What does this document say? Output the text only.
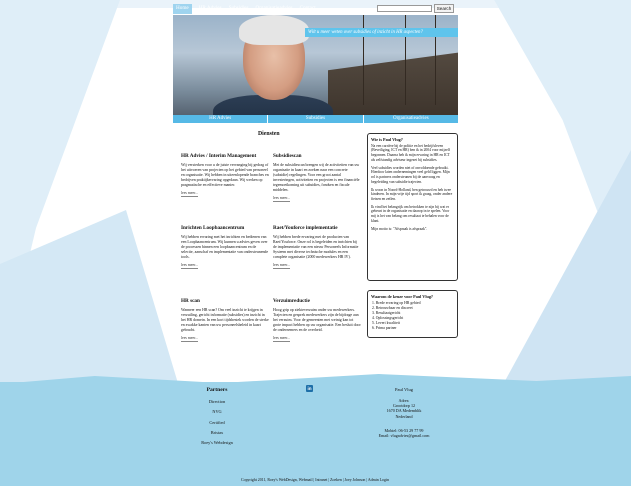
Home	HR Advies Subsidies Organisatieadvies Contact	Search
Wilt u meer weten over subsidies of inzicht in HR aspecten?
HR Advies	Subsidies	Organisatieadvies
Diensten
HR Advies / Interim Management

Wij versterken voor u de juiste vervanging bij gedrag of het uitvoeren van projecten op het gebied van personeel en organisatie. Wij hebben in uiteenlopende branches en bedrijven praktijkervaring opgedaan. Wij werken op pragmatische en effectieve manier.

lees meer...
Subsidiescan

Met de subsidiescan brengen wij de activiteiten van uw organisatie in kaart en zoeken naar een concrete (subsidie) regelingen. Voor een groot aantal investeringen, activiteiten en projecten is een financiële tegemoetkoming uit subsidies, fondsen en fiscale middelen.

lees meer...
Inrichten Loopbaancentrum

Wij hebben ervaring met het inrichten en bedienen van een Loopbaancentrum. Wij kunnen u advies geven over de processen binnen een loopbaancentrum en de selectie, aanschaf en implementatie van ondersteunende tools.

lees meer...
Raet/Youforce implementatie

Wij hebben brede ervaring met de producten van Raet/Youforce. Onze rol is begeleiden en inrichten bij de implementatie van een nieuw Personeels Informatie Systeem met diverse technische modules en een complete organisatie (2000 medewerkers HR IV).

lees meer...
HR scan

Wanneer een HR scan? Om veel inzicht te krijgen in verzuiling, gericht informatie (subsidies) en inzicht in het HR domein. In een kort tijdsbestek worden de sterke en zwakke kanten van uw personeelsbeleid in kaart gebracht.

lees meer...
Verzuimreductie

Hoog grip op ziekteverzuim onder uw medewerkers. Trajecten en gesprek medewerkers zijn de bijdrage aan het verzuim. Voor de gemeenten met weinig kan tot grote impact hebben op uw organisatie. Een besluit door de ondernemers en de overheid.

lees meer...
Wie is Paul Vlug?

Na een carrière bij de politie en het bedrijfsleven (Beveiliging, ICT en HR) ben ik in 2004 voor mijzelf begonnen. Daarna heb ik mijn ervaring in HR en ICT als zelfstandig adviseur ingezet bij subsidies.

Veel subsidies worden niet of onvoldoende gebruikt. Hierdoor laten ondernemingen veel geld liggen. Mijn rol is partners ondersteunen bij de aanvraag en begeleiding van subsidie trajecten.

Ik woon in Noord-Holland, ben getrouwd en heb twee kinderen. In mijn vrije tijd sport ik graag, onder andere fietsen en zeilen.

Ik vind het belangrijk om betrokken te zijn bij wat er gebeurt in de organisatie en daarop in te spelen. Voor mij is het van belang om resultaat te behalen voor de klant.

Mijn motto is: "Afspraak is afspraak".

Waarom de keuze voor Paul Vlug?
1. Brede ervaring op HR gebied
2. Betrouwbaar en discreet
3. Resultaatgericht
4. Oplossingsgericht
5. Levert kwaliteit
6. Prima partner
Partners
Direction
NVG
Certified
Bristax
Roey's Webdesign
in	Paul Vlug
Adres:
Grootdorp 12
1670 DA Medemblik
Nederland
Mobiel: 06-53 29 77 99
Email: vlugadvies@gmail.com
Copyright 2011, Roey's WebDesign, Webmail | Intranet | Zoeken | Joey Johnson | Admin Login
